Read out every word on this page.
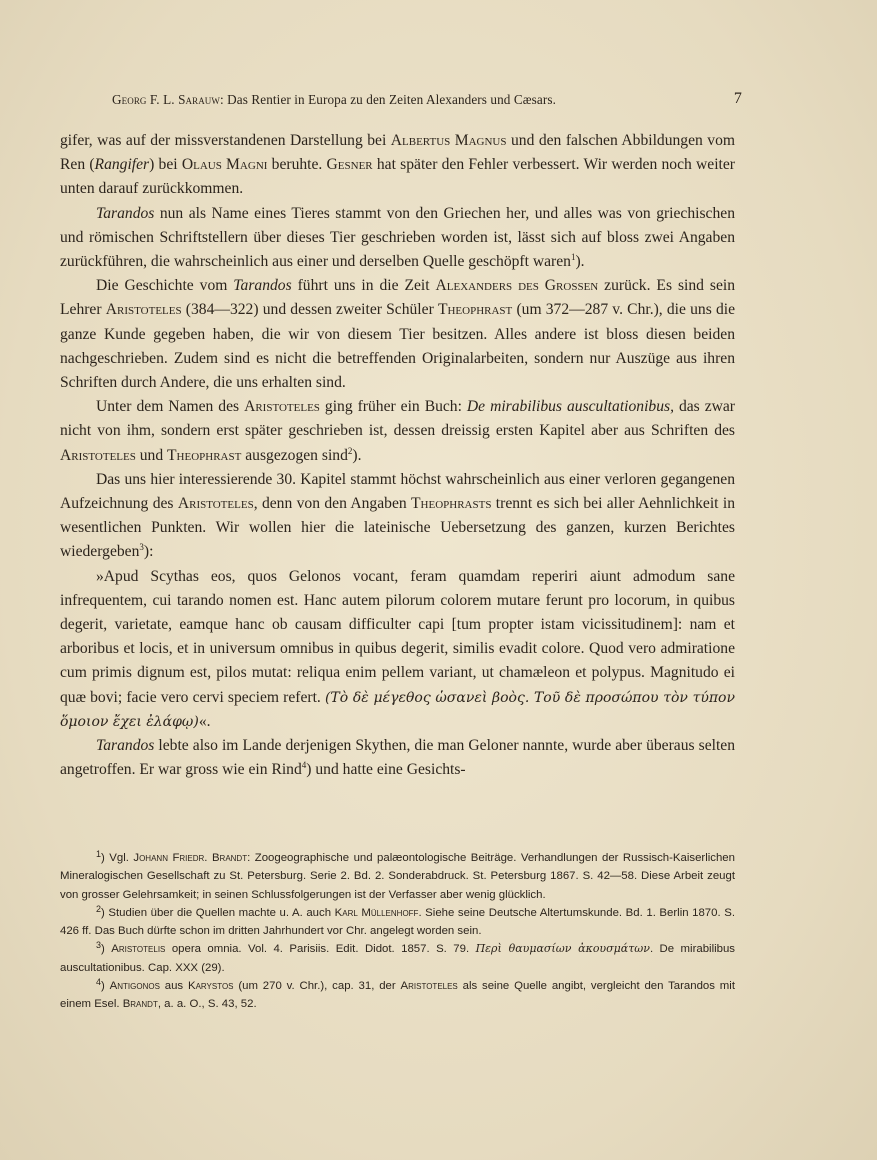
Georg F. L. Sarauw: Das Rentier in Europa zu den Zeiten Alexanders und Cæsars.	7

gifer, was auf der missverstandenen Darstellung bei Albertus Magnus und den falschen Abbildungen vom Ren (Rangifer) bei Olaus Magni beruhte. Gesner hat später den Fehler verbessert. Wir werden noch weiter unten darauf zurückkommen.

Tarandos nun als Name eines Tieres stammt von den Griechen her, und alles was von griechischen und römischen Schriftstellern über dieses Tier geschrieben worden ist, lässt sich auf bloss zwei Angaben zurückführen, die wahrscheinlich aus einer und derselben Quelle geschöpft waren$^1$).

Die Geschichte vom Tarandos führt uns in die Zeit Alexanders des Grossen zurück. Es sind sein Lehrer Aristoteles (384—322) und dessen zweiter Schüler Theophrast (um 372—287 v. Chr.), die uns die ganze Kunde gegeben haben, die wir von diesem Tier besitzen. Alles andere ist bloss diesen beiden nachgeschrieben. Zudem sind es nicht die betreffenden Originalarbeiten, sondern nur Auszüge aus ihren Schriften durch Andere, die uns erhalten sind.

Unter dem Namen des Aristoteles ging früher ein Buch: De mirabilibus auscultationibus, das zwar nicht von ihm, sondern erst später geschrieben ist, dessen dreissig ersten Kapitel aber aus Schriften des Aristoteles und Theophrast ausgezogen sind$^2$).

Das uns hier interessierende 30. Kapitel stammt höchst wahrscheinlich aus einer verloren gegangenen Aufzeichnung des Aristoteles, denn von den Angaben Theophrasts trennt es sich bei aller Aehnlichkeit in wesentlichen Punkten. Wir wollen hier die lateinische Uebersetzung des ganzen, kurzen Berichtes wiedergeben$^3$):

»Apud Scythas eos, quos Gelonos vocant, feram quamdam reperiri aiunt admodum sane infrequentem, cui tarando nomen est. Hanc autem pilorum colorem mutare ferunt pro locorum, in quibus degerit, varietate, eamque hanc ob causam difficulter capi [tum propter istam vicissitudinem]: nam et arboribus et locis, et in universum omnibus in quibus degerit, similis evadit colore. Quod vero admiratione cum primis dignum est, pilos mutat: reliqua enim pellem variant, ut chamæleon et polypus. Magnitudo ei quæ bovi; facie vero cervi speciem refert. (Τὸ δὲ μέγεθος ὡσανεὶ βοὸς. Τοῦ δὲ προσώπου τὸν τύπον ὅμοιον ἔχει ἐλάφῳ)«.

Tarandos lebte also im Lande derjenigen Skythen, die man Geloner nannte, wurde aber überaus selten angetroffen. Er war gross wie ein Rind$^4$) und hatte eine Gesichts-

$^1$) Vgl. Johann Friedr. Brandt: Zoogeographische und palæontologische Beiträge. Verhandlungen der Russisch-Kaiserlichen Mineralogischen Gesellschaft zu St. Petersburg. Serie 2. Bd. 2. Sonderabdruck. St. Petersburg 1867. S. 42—58. Diese Arbeit zeugt von grosser Gelehrsamkeit; in seinen Schlussfolgerungen ist der Verfasser aber wenig glücklich.

$^2$) Studien über die Quellen machte u. A. auch Karl Müllenhoff. Siehe seine Deutsche Altertumskunde. Bd. 1. Berlin 1870. S. 426 ff. Das Buch dürfte schon im dritten Jahrhundert vor Chr. angelegt worden sein.

$^3$) Aristotelis opera omnia. Vol. 4. Parisiis. Edit. Didot. 1857. S. 79. Περὶ θαυμασίων ἀκουσμάτων. De mirabilibus auscultationibus. Cap. XXX (29).

$^4$) Antigonos aus Karystos (um 270 v. Chr.), cap. 31, der Aristoteles als seine Quelle angibt, vergleicht den Tarandos mit einem Esel. Brandt, a. a. O., S. 43, 52.
